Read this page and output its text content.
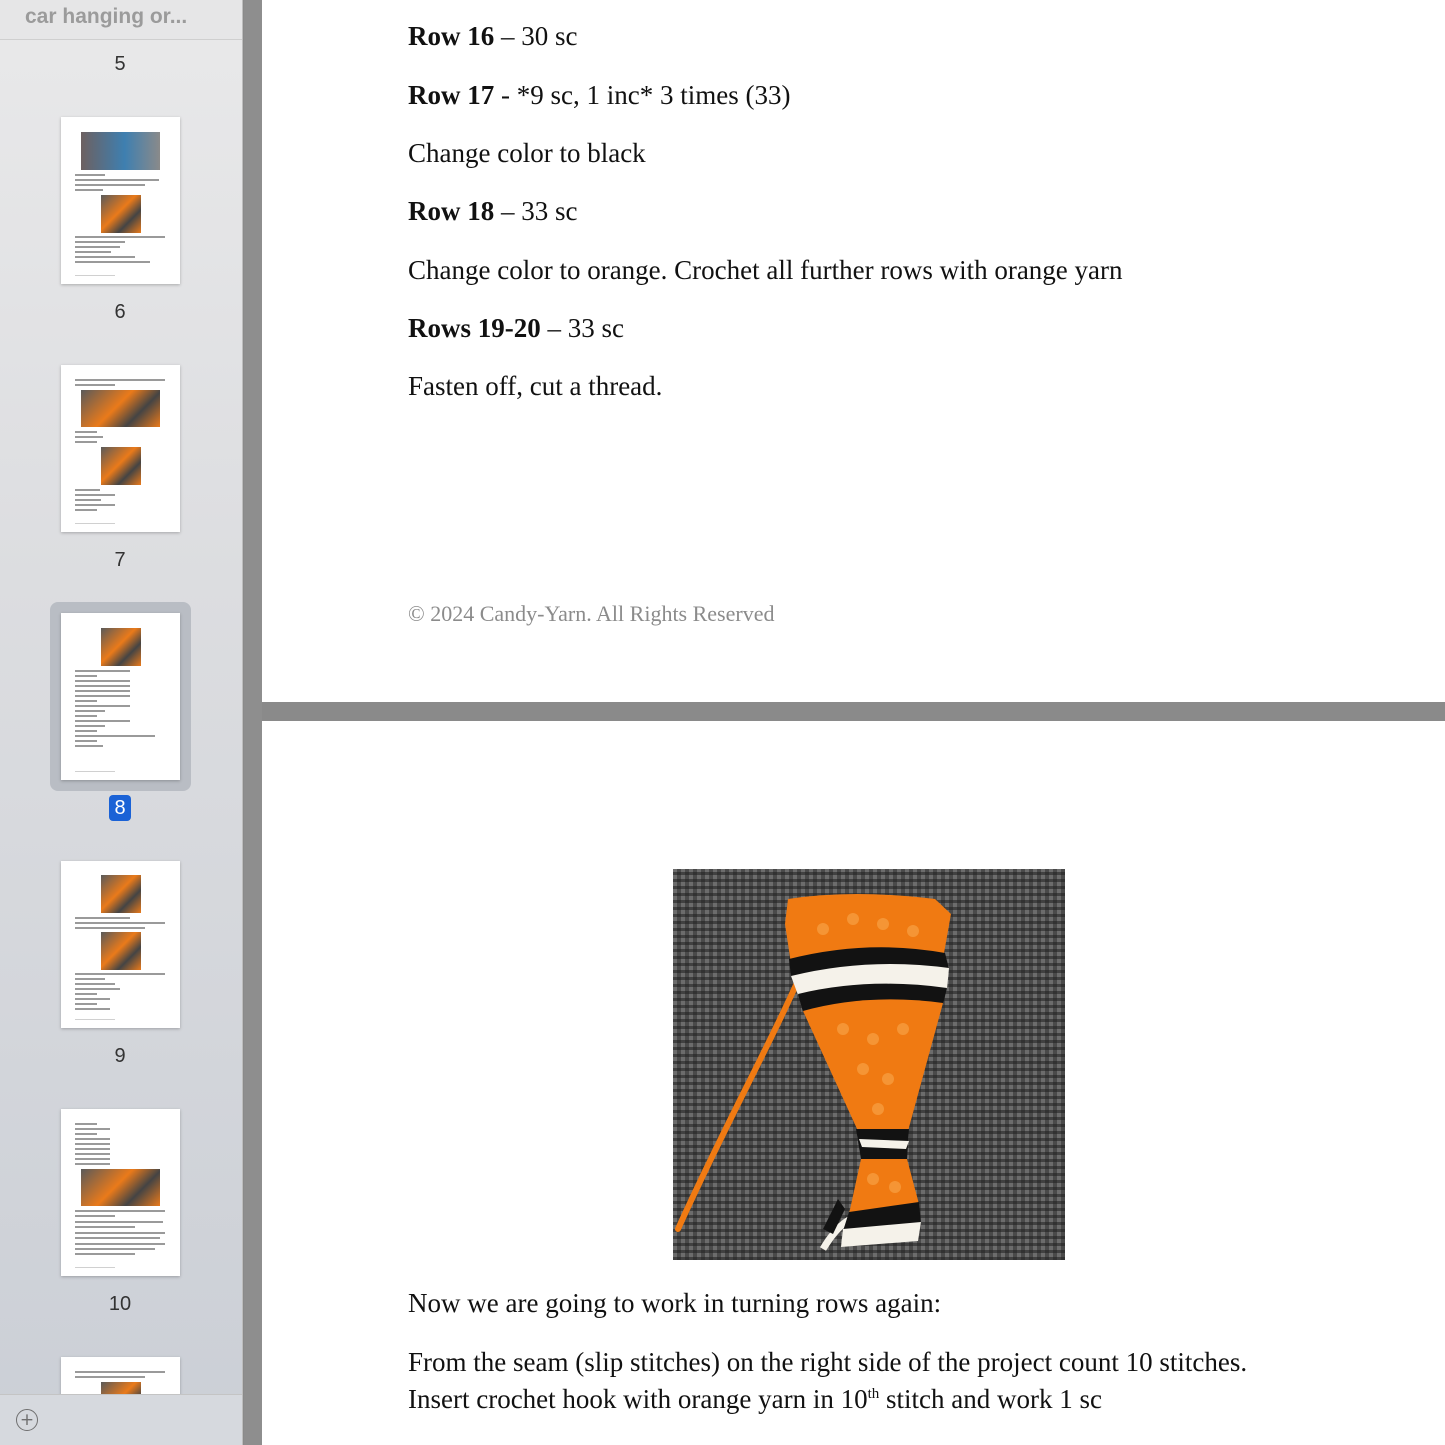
car hanging or...
5
6
7
8
9
10
+
Row 16 – 30 sc
Row 17 - *9 sc, 1 inc* 3 times (33)
Change color to black
Row 18 – 33 sc
Change color to orange. Crochet all further rows with orange yarn
Rows 19-20 – 33 sc
Fasten off, cut a thread.
© 2024 Candy-Yarn. All Rights Reserved
Now we are going to work in turning rows again:
From the seam (slip stitches) on the right side of the project count 10 stitches.
Insert crochet hook with orange yarn in 10th stitch and work 1 sc
